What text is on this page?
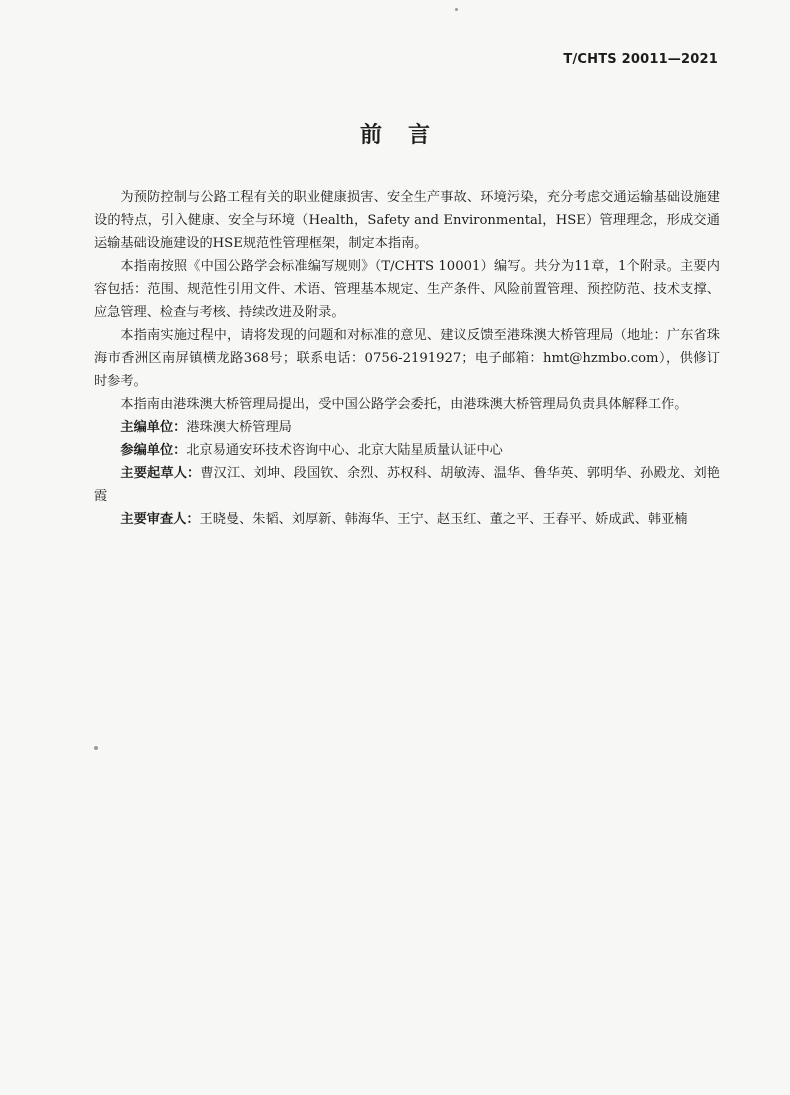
T/CHTS 20011—2021
前言

为预防控制与公路工程有关的职业健康损害、安全生产事故、环境污染，充分考虑交通运输基础设施建设的特点，引入健康、安全与环境（Health，Safety and Environmental，HSE）管理理念，形成交通运输基础设施建设的HSE规范性管理框架，制定本指南。

本指南按照《中国公路学会标准编写规则》（T/CHTS 10001）编写。共分为11章，1个附录。主要内容包括：范围、规范性引用文件、术语、管理基本规定、生产条件、风险前置管理、预控防范、技术支撑、应急管理、检查与考核、持续改进及附录。

本指南实施过程中，请将发现的问题和对标准的意见、建议反馈至港珠澳大桥管理局（地址：广东省珠海市香洲区南屏镇横龙路368号；联系电话：0756-2191927；电子邮箱：hmt@hzmbo.com），供修订时参考。

本指南由港珠澳大桥管理局提出，受中国公路学会委托，由港珠澳大桥管理局负责具体解释工作。

主编单位：港珠澳大桥管理局

参编单位：北京易通安环技术咨询中心、北京大陆星质量认证中心

主要起草人：曹汉江、刘坤、段国钦、余烈、苏权科、胡敏涛、温华、鲁华英、郭明华、孙殿龙、刘艳霞

主要审查人：王晓曼、朱韬、刘厚新、韩海华、王宁、赵玉红、董之平、王春平、娇成武、韩亚楠
